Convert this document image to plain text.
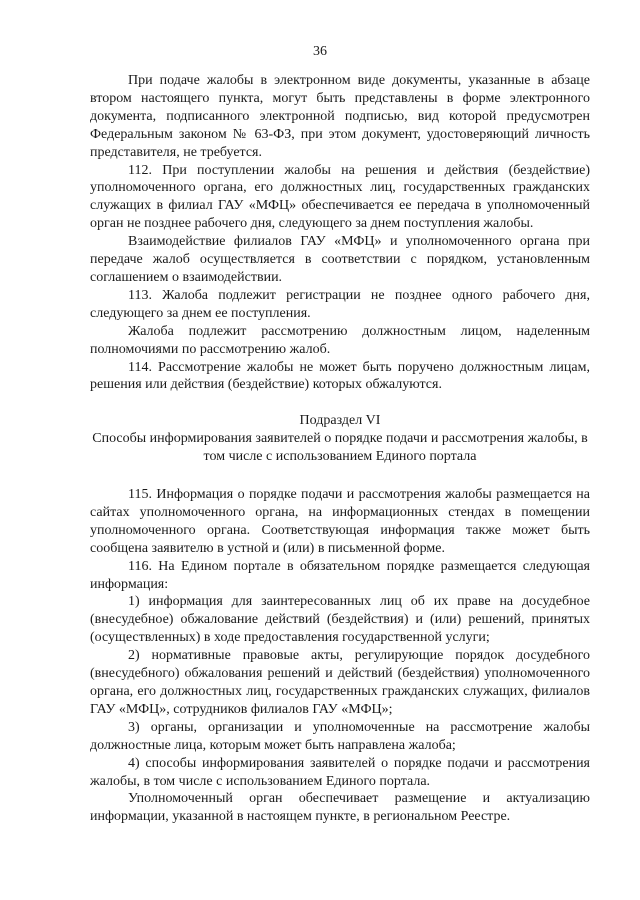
36

При подаче жалобы в электронном виде документы, указанные в абзаце втором настоящего пункта, могут быть представлены в форме электронного документа, подписанного электронной подписью, вид которой предусмотрен Федеральным законом № 63-ФЗ, при этом документ, удостоверяющий личность представителя, не требуется.

112. При поступлении жалобы на решения и действия (бездействие) уполномоченного органа, его должностных лиц, государственных гражданских служащих в филиал ГАУ «МФЦ» обеспечивается ее передача в уполномоченный орган не позднее рабочего дня, следующего за днем поступления жалобы.

Взаимодействие филиалов ГАУ «МФЦ» и уполномоченного органа при передаче жалоб осуществляется в соответствии с порядком, установленным соглашением о взаимодействии.

113. Жалоба подлежит регистрации не позднее одного рабочего дня, следующего за днем ее поступления.

Жалоба подлежит рассмотрению должностным лицом, наделенным полномочиями по рассмотрению жалоб.

114. Рассмотрение жалобы не может быть поручено должностным лицам, решения или действия (бездействие) которых обжалуются.

Подраздел VI

Способы информирования заявителей о порядке подачи и рассмотрения жалобы, в том числе с использованием Единого портала

115. Информация о порядке подачи и рассмотрения жалобы размещается на сайтах уполномоченного органа, на информационных стендах в помещении уполномоченного органа. Соответствующая информация также может быть сообщена заявителю в устной и (или) в письменной форме.

116. На Едином портале в обязательном порядке размещается следующая информация:

1) информация для заинтересованных лиц об их праве на досудебное (внесудебное) обжалование действий (бездействия) и (или) решений, принятых (осуществленных) в ходе предоставления государственной услуги;

2) нормативные правовые акты, регулирующие порядок досудебного (внесудебного) обжалования решений и действий (бездействия) уполномоченного органа, его должностных лиц, государственных гражданских служащих, филиалов ГАУ «МФЦ», сотрудников филиалов ГАУ «МФЦ»;

3) органы, организации и уполномоченные на рассмотрение жалобы должностные лица, которым может быть направлена жалоба;

4) способы информирования заявителей о порядке подачи и рассмотрения жалобы, в том числе с использованием Единого портала.

Уполномоченный орган обеспечивает размещение и актуализацию информации, указанной в настоящем пункте, в региональном Реестре.
